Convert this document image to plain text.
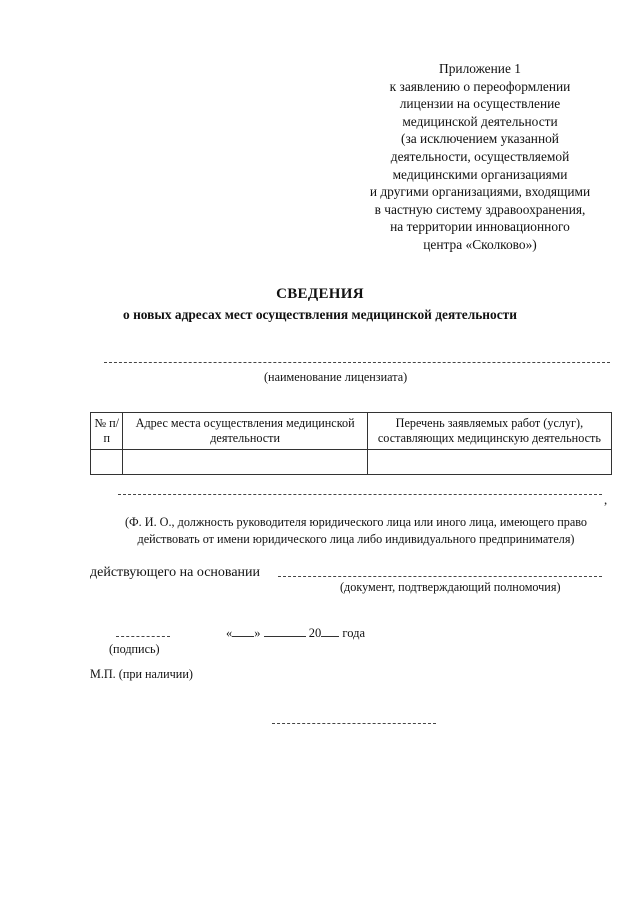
Приложение 1
к заявлению о переоформлении
лицензии на осуществление
медицинской деятельности
(за исключением указанной
деятельности, осуществляемой
медицинскими организациями
и другими организациями, входящими
в частную систему здравоохранения,
на территории инновационного
центра «Сколково»)
СВЕДЕНИЯ
о новых адресах мест осуществления медицинской деятельности
(наименование лицензиата)
№ п/п	Адрес места осуществления медицинской деятельности	Перечень заявляемых работ (услуг), составляющих медицинскую деятельность

,
(Ф. И. О., должность руководителя юридического лица или иного лица, имеющего право
действовать от имени юридического лица либо индивидуального предпринимателя)
действующего на основании
(документ, подтверждающий полномочия)
(подпись)
« »	20 года
М.П. (при наличии)
